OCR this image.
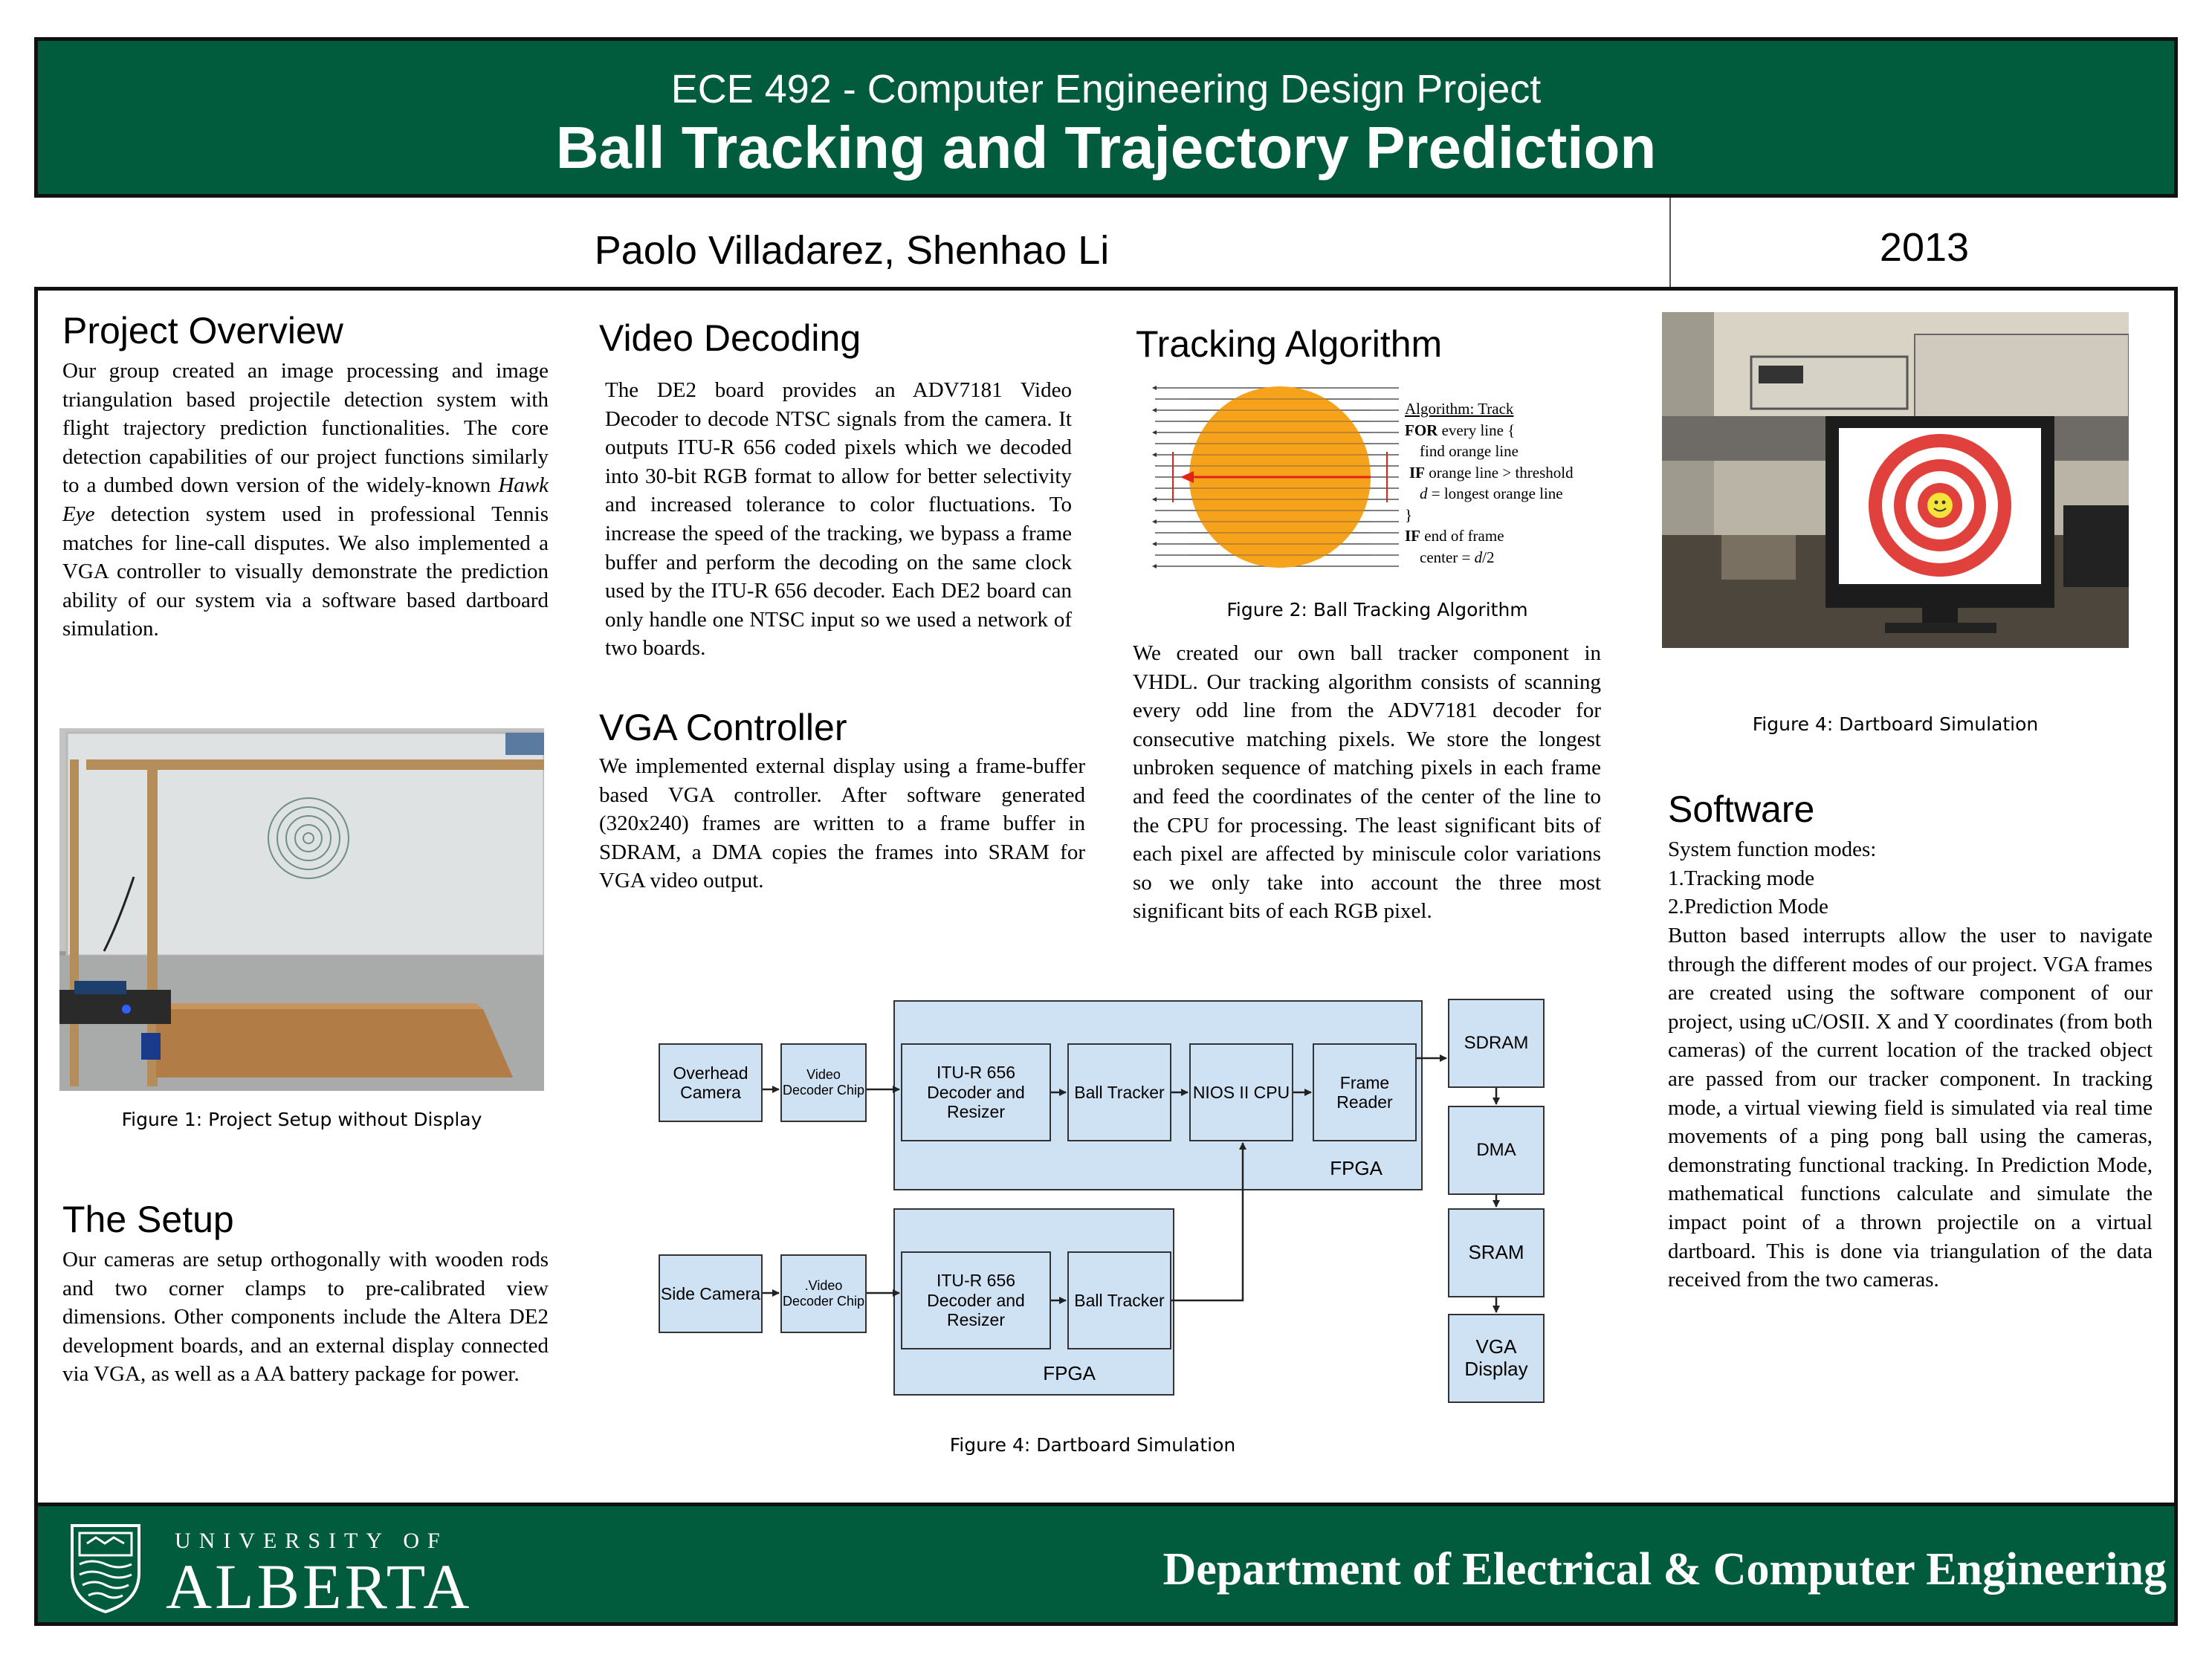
ECE 492 - Computer Engineering Design Project
Ball Tracking and Trajectory Prediction
Paolo Villadarez, Shenhao Li	2013
Project Overview
Our group created an image processing and image triangulation based projectile detection system with flight trajectory prediction functionalities. The core detection capabilities of our project functions similarly to a dumbed down version of the widely-known Hawk Eye detection system used in professional Tennis matches for line-call disputes. We also implemented a VGA controller to visually demonstrate the prediction ability of our system via a software based dartboard simulation.
Figure 1: Project Setup without Display
The Setup
Our cameras are setup orthogonally with wooden rods and two corner clamps to pre-calibrated view dimensions. Other components include the Altera DE2 development boards, and an external display connected via VGA, as well as a AA battery package for power.
Video Decoding
The DE2 board provides an ADV7181 Video Decoder to decode NTSC signals from the camera. It outputs ITU-R 656 coded pixels which we decoded into 30-bit RGB format to allow for better selectivity and increased tolerance to color fluctuations. To increase the speed of the tracking, we bypass a frame buffer and perform the decoding on the same clock used by the ITU-R 656 decoder. Each DE2 board can only handle one NTSC input so we used a network of two boards.
VGA Controller
We implemented external display using a frame-buffer based VGA controller. After software generated (320x240) frames are written to a frame buffer in SDRAM, a DMA copies the frames into SRAM for VGA video output.
Tracking Algorithm
Algorithm: Track
FOR every line {
find orange line
IF orange line > threshold
d = longest orange line
}
IF end of frame
center = d/2
Figure 2: Ball Tracking Algorithm
We created our own ball tracker component in VHDL. Our tracking algorithm consists of scanning every odd line from the ADV7181 decoder for consecutive matching pixels. We store the longest unbroken sequence of matching pixels in each frame and feed the coordinates of the center of the line to the CPU for processing. The least significant bits of each pixel are affected by miniscule color variations so we only take into account the three most significant bits of each RGB pixel.
Figure 4: Dartboard Simulation
Software
System function modes:
1.Tracking mode
2.Prediction Mode
Button based interrupts allow the user to navigate through the different modes of our project. VGA frames are created using the software component of our project, using uC/OSII. X and Y coordinates (from both cameras) of the current location of the tracked object are passed from our tracker component. In tracking mode, a virtual viewing field is simulated via real time movements of a ping pong ball using the cameras, demonstrating functional tracking. In Prediction Mode, mathematical functions calculate and simulate the impact point of a thrown projectile on a virtual dartboard. This is done via triangulation of the data received from the two cameras.
FPGA
FPGA
Overhead Camera
Video Decoder Chip
ITU-R 656 Decoder and Resizer
Ball Tracker	NIOS II CPU
Frame Reader
Side Camera	.Video Decoder Chip
ITU-R 656 Decoder and Resizer
Ball Tracker
SDRAM
DMA
SRAM
VGA Display
Figure 4: Dartboard Simulation
UNIVERSITY OF
ALBERTA	Department of Electrical & Computer Engineering
